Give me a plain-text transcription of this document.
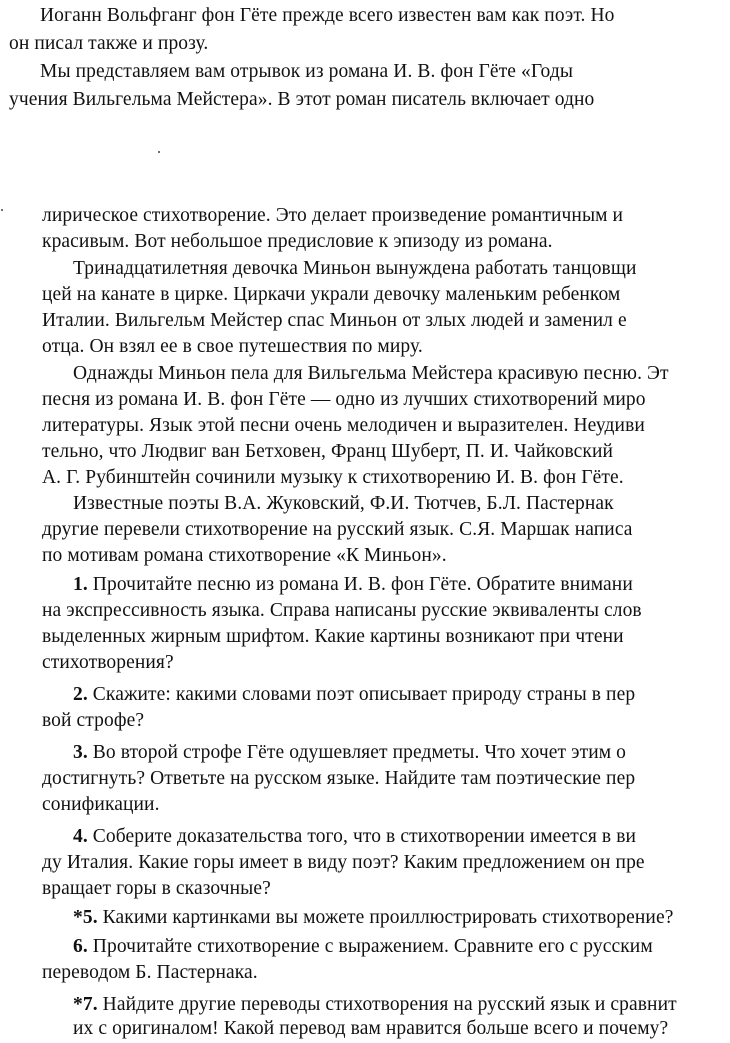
Иоганн Вольфганг фон Гёте прежде всего известен вам как поэт. Но
он писал также и прозу.
Мы представляем вам отрывок из романа И. В. фон Гёте «Годы
учения Вильгельма Мейстера». В этот роман писатель включает одно
лирическое стихотворение. Это делает произведение романтичным и
красивым. Вот небольшое предисловие к эпизоду из романа.
Тринадцатилетняя девочка Миньон вынуждена работать танцовщи
цей на канате в цирке. Циркачи украли девочку маленьким ребенком
Италии. Вильгельм Мейстер спас Миньон от злых людей и заменил е
отца. Он взял ее в свое путешествия по миру.
Однажды Миньон пела для Вильгельма Мейстера красивую песню. Эт
песня из романа И. В. фон Гёте — одно из лучших стихотворений миро
литературы. Язык этой песни очень мелодичен и выразителен. Неудиви
тельно, что Людвиг ван Бетховен, Франц Шуберт, П. И. Чайковский
А. Г. Рубинштейн сочинили музыку к стихотворению И. В. фон Гёте.
Известные поэты В.А. Жуковский, Ф.И. Тютчев, Б.Л. Пастернак
другие перевели стихотворение на русский язык. С.Я. Маршак написа
по мотивам романа стихотворение «К Миньон».
1. Прочитайте песню из романа И. В. фон Гёте. Обратите внимани
на экспрессивность языка. Справа написаны русские эквиваленты слов
выделенных жирным шрифтом. Какие картины возникают при чтени
стихотворения?
2. Скажите: какими словами поэт описывает природу страны в пер
вой строфе?
3. Во второй строфе Гёте одушевляет предметы. Что хочет этим о
достигнуть? Ответьте на русском языке. Найдите там поэтические пер
сонификации.
4. Соберите доказательства того, что в стихотворении имеется в ви
ду Италия. Какие горы имеет в виду поэт? Каким предложением он пре
вращает горы в сказочные?
*5. Какими картинками вы можете проиллюстрировать стихотворение?
6. Прочитайте стихотворение с выражением. Сравните его с русским
переводом Б. Пастернака.
*7. Найдите другие переводы стихотворения на русский язык и сравнит
их с оригиналом! Какой перевод вам нравится больше всего и почему?
